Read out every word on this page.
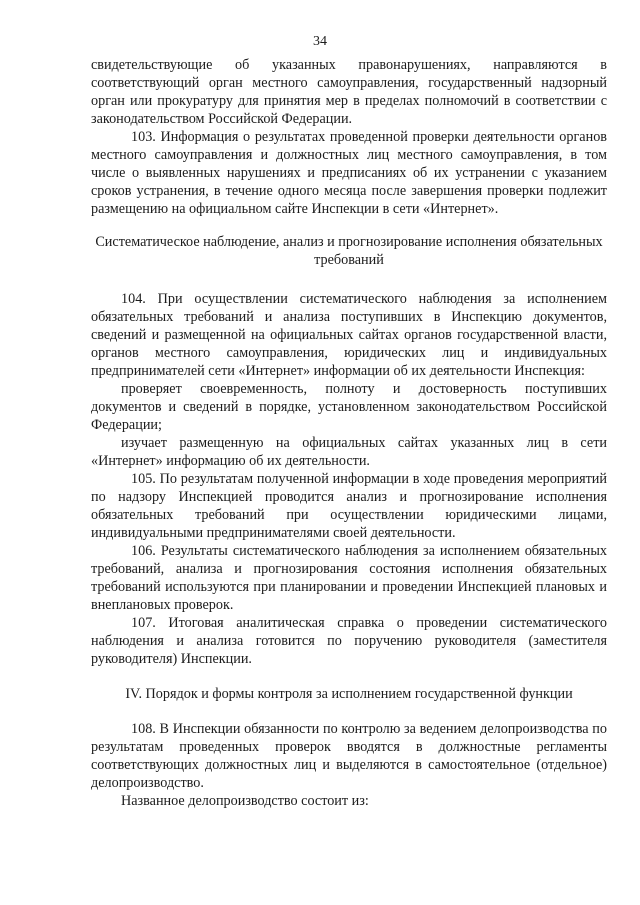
34

свидетельствующие об указанных правонарушениях, направляются в соответствующий орган местного самоуправления, государственный надзорный орган или прокуратуру для принятия мер в пределах полномочий в соответствии с законодательством Российской Федерации.

103. Информация о результатах проведенной проверки деятельности органов местного самоуправления и должностных лиц местного самоуправления, в том числе о выявленных нарушениях и предписаниях об их устранении с указанием сроков устранения, в течение одного месяца после завершения проверки подлежит размещению на официальном сайте Инспекции в сети «Интернет».

Систематическое наблюдение, анализ и прогнозирование исполнения обязательных требований

104. При осуществлении систематического наблюдения за исполнением обязательных требований и анализа поступивших в Инспекцию документов, сведений и размещенной на официальных сайтах органов государственной власти, органов местного самоуправления, юридических лиц и индивидуальных предпринимателей сети «Интернет» информации об их деятельности Инспекция:

проверяет своевременность, полноту и достоверность поступивших документов и сведений в порядке, установленном законодательством Российской Федерации;

изучает размещенную на официальных сайтах указанных лиц в сети «Интернет» информацию об их деятельности.

105. По результатам полученной информации в ходе проведения мероприятий по надзору Инспекцией проводится анализ и прогнозирование исполнения обязательных требований при осуществлении юридическими лицами, индивидуальными предпринимателями своей деятельности.

106. Результаты систематического наблюдения за исполнением обязательных требований, анализа и прогнозирования состояния исполнения обязательных требований используются при планировании и проведении Инспекцией плановых и внеплановых проверок.

107. Итоговая аналитическая справка о проведении систематического наблюдения и анализа готовится по поручению руководителя (заместителя руководителя) Инспекции.

IV. Порядок и формы контроля за исполнением государственной функции

108. В Инспекции обязанности по контролю за ведением делопроизводства по результатам проведенных проверок вводятся в должностные регламенты соответствующих должностных лиц и выделяются в самостоятельное (отдельное) делопроизводство.

Названное делопроизводство состоит из:
